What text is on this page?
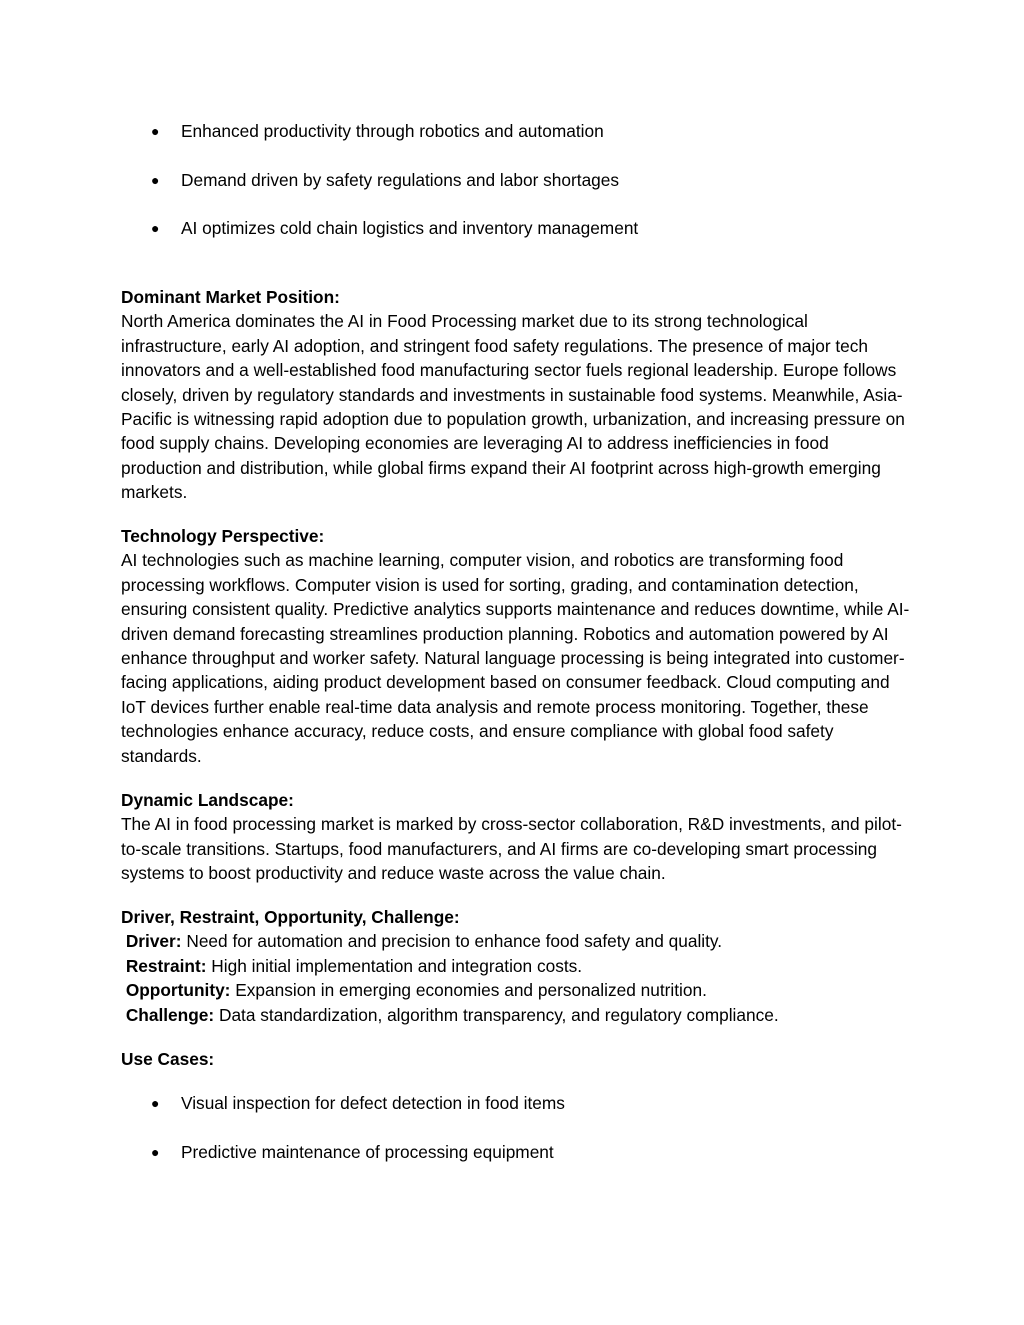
● Enhanced productivity through robotics and automation
● Demand driven by safety regulations and labor shortages
● AI optimizes cold chain logistics and inventory management
Dominant Market Position:
North America dominates the AI in Food Processing market due to its strong technological infrastructure, early AI adoption, and stringent food safety regulations. The presence of major tech innovators and a well-established food manufacturing sector fuels regional leadership. Europe follows closely, driven by regulatory standards and investments in sustainable food systems. Meanwhile, Asia-Pacific is witnessing rapid adoption due to population growth, urbanization, and increasing pressure on food supply chains. Developing economies are leveraging AI to address inefficiencies in food production and distribution, while global firms expand their AI footprint across high-growth emerging markets.
Technology Perspective:
AI technologies such as machine learning, computer vision, and robotics are transforming food processing workflows. Computer vision is used for sorting, grading, and contamination detection, ensuring consistent quality. Predictive analytics supports maintenance and reduces downtime, while AI-driven demand forecasting streamlines production planning. Robotics and automation powered by AI enhance throughput and worker safety. Natural language processing is being integrated into customer-facing applications, aiding product development based on consumer feedback. Cloud computing and IoT devices further enable real-time data analysis and remote process monitoring. Together, these technologies enhance accuracy, reduce costs, and ensure compliance with global food safety standards.
Dynamic Landscape:
The AI in food processing market is marked by cross-sector collaboration, R&D investments, and pilot-to-scale transitions. Startups, food manufacturers, and AI firms are co-developing smart processing systems to boost productivity and reduce waste across the value chain.
Driver, Restraint, Opportunity, Challenge:
Driver: Need for automation and precision to enhance food safety and quality.
Restraint: High initial implementation and integration costs.
Opportunity: Expansion in emerging economies and personalized nutrition.
Challenge: Data standardization, algorithm transparency, and regulatory compliance.
Use Cases:
● Visual inspection for defect detection in food items
● Predictive maintenance of processing equipment
